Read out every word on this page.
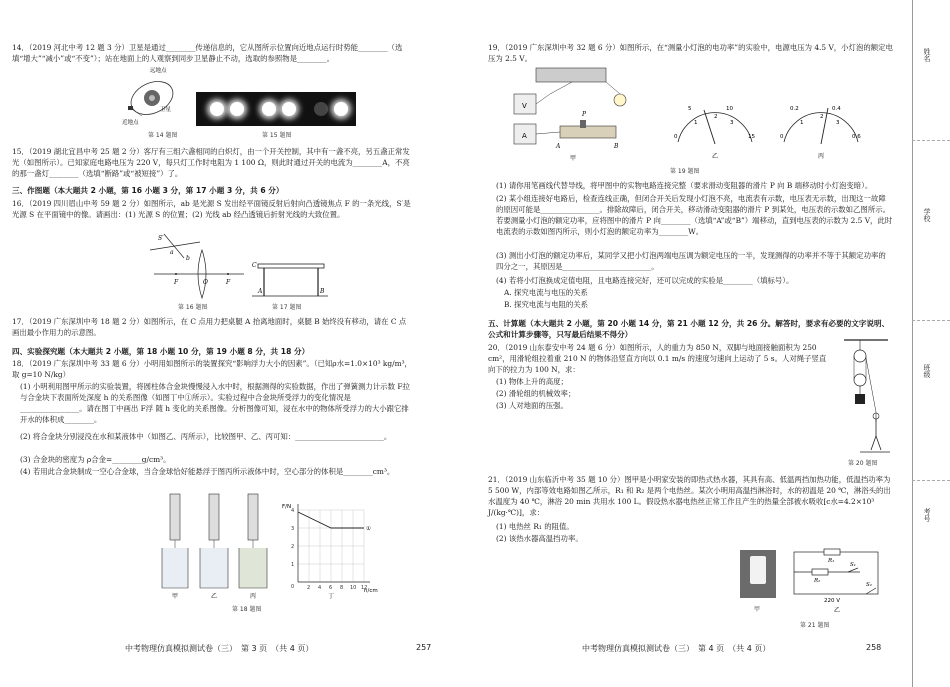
14．（2019 河北中考 12 题 3 分）卫星是通过________传递信息的，它从图所示位置向近地点运行时势能________（选填“增大”“减小”或“不变”）；站在地面上的人观察到同步卫星静止不动，选取的参照物是________。
远地点
卫星
近地点
第 14 题图	第 15 题图
15．（2019 湖北宜昌中考 25 题 2 分）客厅有三组六盏相同的白炽灯，由一个开关控制，其中有一盏不亮，另五盏正常发光（如图所示）。已知家庭电路电压为 220 V，每只灯工作时电阻为 1 100 Ω，则此时通过开关的电流为________A，不亮的那一盏灯________（选填“断路”或“被短接”）了。
三、作图题（本大题共 2 小题，第 16 小题 3 分，第 17 小题 3 分，共 6 分）
16．（2019 四川眉山中考 59 题 2 分）如图所示，ab 是光源 S 发出经平面镜反射后射向凸透镜焦点 F 的一条光线，S′是光源 S 在平面镜中的像。请画出：(1) 光源 S 的位置；(2) 光线 ab 经凸透镜后折射光线的大致位置。
S′
a
b
F	O	F
第 16 题图
C
A	B
第 17 题图
17．（2019 广东深圳中考 18 题 2 分）如图所示，在 C 点用力把桌腿 A 抬离地面时，桌腿 B 始终没有移动，请在 C 点画出最小作用力的示意图。
四、实验探究题（本大题共 2 小题，第 18 小题 10 分，第 19 小题 8 分，共 18 分）
18．（2019 广东深圳中考 33 题 6 分）小明用如图所示的装置探究“影响浮力大小的因素”。（已知ρ水=1.0×10³ kg/m³，取 g=10 N/kg）
(1) 小明利用图甲所示的实验装置，将圆柱体合金块慢慢浸入水中时，根据测得的实验数据，作出了弹簧测力计示数 F拉 与合金块下表面所处深度 h 的关系图像（如图丁中①所示）。实验过程中合金块所受浮力的变化情况是________________。请在图丁中画出 F浮 随 h 变化的关系图像。分析图像可知，浸在水中的物体所受浮力的大小跟它排开水的体积成________。
(2) 将合金块分别浸没在水和某液体中（如图乙、丙所示），比较图甲、乙、丙可知：________________________。
(3) 合金块的密度为 ρ合金=________g/cm³。
(4) 若用此合金块制成一空心合金球，当合金球恰好能悬浮于图丙所示液体中时，空心部分的体积是________cm³。
甲	乙	丙
F/N
h/cm
①
4
3
2
1
0	2 4 6 8 10 12
丁
第 18 题图
中考物理仿真模拟测试卷（三）　第 3 页　（共 4 页）	257
19．（2019 广东深圳中考 32 题 6 分）如图所示，在“测量小灯泡的电功率”的实验中，电源电压为 4.5 V，小灯泡的额定电压为 2.5 V。
V
A
P
A	B
甲
0
5	10
15
1
2
3
乙
0
0.2	0.4
0.6
1
2
3
丙
第 19 题图
(1) 请你用笔画线代替导线，将甲图中的实物电路连接完整（要求滑动变阻器的滑片 P 向 B 端移动时小灯泡变暗）。
(2) 某小组连接好电路后，检查连线正确，但闭合开关后发现小灯泡不亮，电流表有示数，电压表无示数，出现这一故障的原因可能是________________。排除故障后，闭合开关，移动滑动变阻器的滑片 P 到某处，电压表的示数如乙图所示。若要测量小灯泡的额定功率，应将图中的滑片 P 向________（选填“A”或“B”）端移动，直到电压表的示数为 2.5 V，此时电流表的示数如图丙所示，则小灯泡的额定功率为________W。
(3) 测出小灯泡的额定功率后，某同学又把小灯泡两端电压调为额定电压的一半，发现测得的功率并不等于其额定功率的四分之一，其原因是________________________。
(4) 若将小灯泡换成定值电阻，且电路连接完好，还可以完成的实验是________（填标号）。
A. 探究电流与电压的关系
B. 探究电流与电阻的关系
五、计算题（本大题共 2 小题，第 20 小题 14 分，第 21 小题 12 分，共 26 分。解答时，要求有必要的文字说明、公式和计算步骤等，只写最后结果不得分）
20．（2019 山东泰安中考 24 题 6 分）如图所示，人的重力为 850 N，双脚与地面接触面积为 250 cm²，用滑轮组拉着重 210 N 的物体沿竖直方向以 0.1 m/s 的速度匀速向上运动了 5 s。人对绳子竖直向下的拉力为 100 N，求：
(1) 物体上升的高度；
(2) 滑轮组的机械效率；
(3) 人对地面的压强。
第 20 题图
21．（2019 山东临沂中考 35 题 10 分）图甲是小明家安装的即热式热水器，其具有高、低温两挡加热功能，低温挡功率为 5 500 W，内部等效电路如图乙所示，R₁ 和 R₂ 是两个电热丝。某次小明用高温挡淋浴时，水的初温是 20 ℃，淋浴头的出水温度为 40 ℃，淋浴 20 min 共用水 100 L。假设热水器电热丝正常工作且产生的热量全部被水吸收[c水=4.2×10³ J/(kg·℃)]，求：
(1) 电热丝 R₁ 的阻值。
(2) 该热水器高温挡功率。
甲
R₁
R₂
S₁
S₂
220 V
乙
第 21 题图
中考物理仿真模拟测试卷（三）　第 4 页　（共 4 页）	258
姓名
学校
班级
考号
